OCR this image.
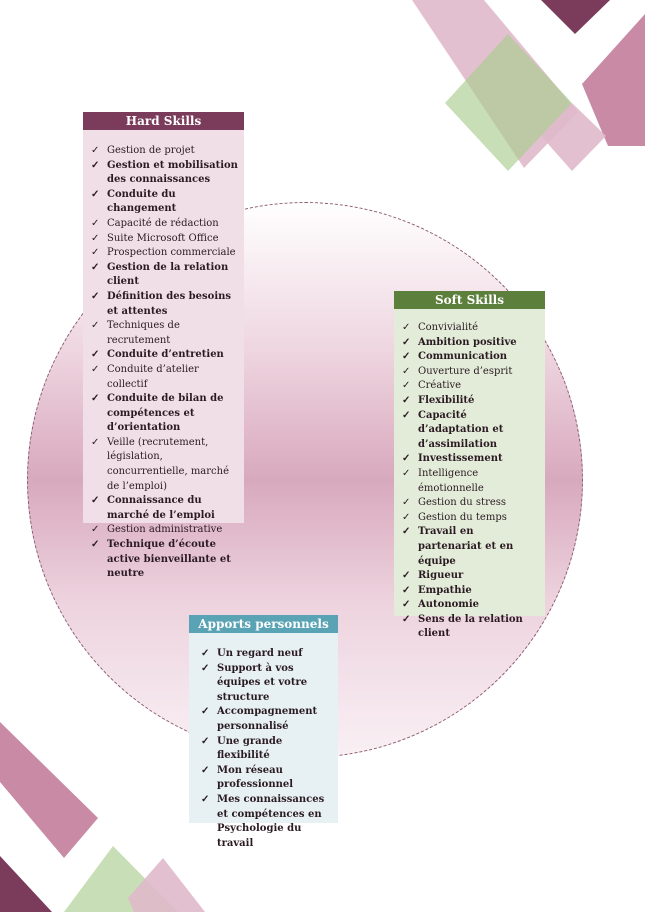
Hard Skills
✓ Gestion de projet
✓ Gestion et mobilisation des connaissances
✓ Conduite du changement
✓ Capacité de rédaction
✓ Suite Microsoft Office
✓ Prospection commerciale
✓ Gestion de la relation client
✓ Définition des besoins et attentes
✓ Techniques de recrutement
✓ Conduite d’entretien
✓ Conduite d’atelier collectif
✓ Conduite de bilan de compétences et d’orientation
✓ Veille (recrutement, législation, concurrentielle, marché de l’emploi)
✓ Connaissance du marché de l’emploi
✓ Gestion administrative
✓ Technique d’écoute active bienveillante et neutre
Soft Skills
✓ Convivialité
✓ Ambition positive
✓ Communication
✓ Ouverture d’esprit
✓ Créative
✓ Flexibilité
✓ Capacité d’adaptation et d’assimilation
✓ Investissement
✓ Intelligence émotionnelle
✓ Gestion du stress
✓ Gestion du temps
✓ Travail en partenariat et en équipe
✓ Rigueur
✓ Empathie
✓ Autonomie
✓ Sens de la relation client
Apports personnels
✓ Un regard neuf
✓ Support à vos équipes et votre structure
✓ Accompagnement personnalisé
✓ Une grande flexibilité
✓ Mon réseau professionnel
✓ Mes connaissances et compétences en Psychologie du travail
